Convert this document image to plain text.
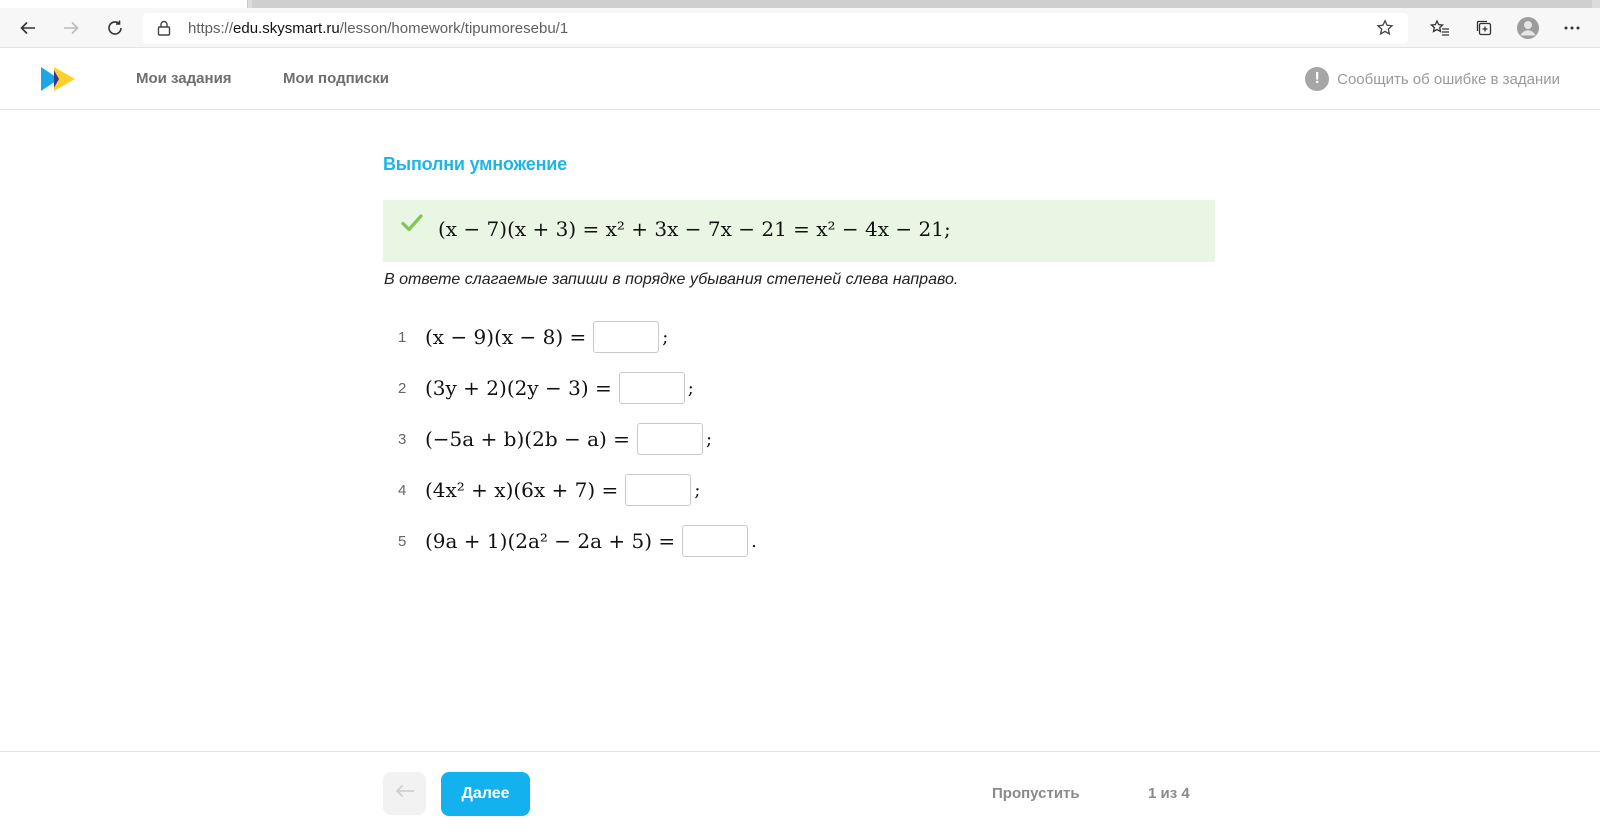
https://edu.skysmart.ru/lesson/homework/tipumoresebu/1
Мои задания	Мои подписки	!	Сообщить об ошибке в задании
Выполни умножение
(x − 7)(x + 3) = x² + 3x − 7x − 21 = x² − 4x − 21;
В ответе слагаемые запиши в порядке убывания степеней слева направо.
1 (x − 9)(x − 8) =	;
2 (3y + 2)(2y − 3) =	;
3 (−5a + b)(2b − a) =	;
4 (4x² + x)(6x + 7) =	;
5 (9a + 1)(2a² − 2a + 5) =	.
Далее	Пропустить	1 из 4
